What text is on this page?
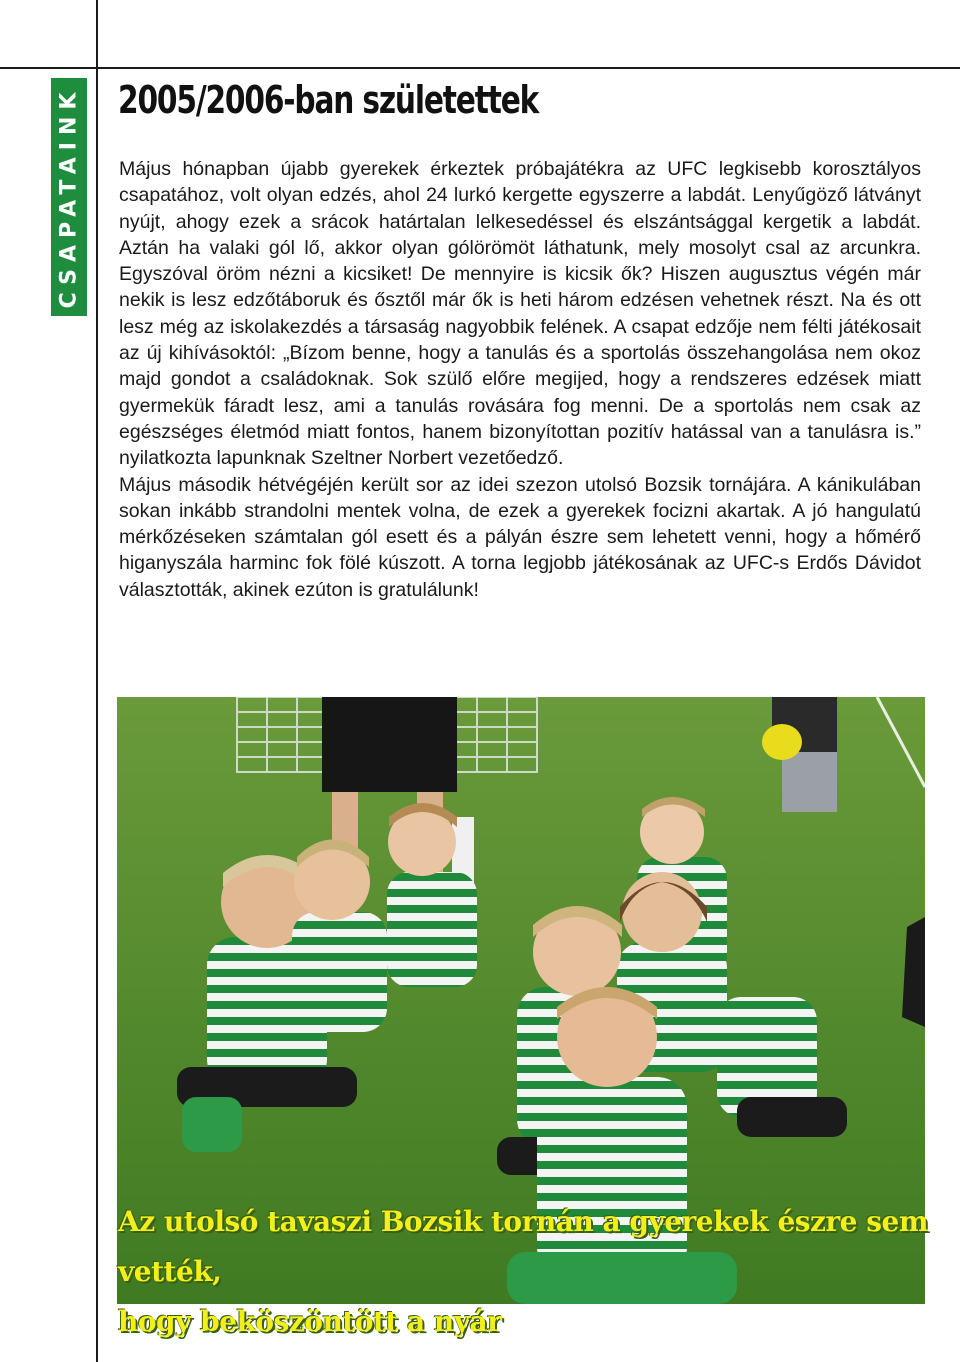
CSAPATAINK 2005/2006-ban születettek

Május hónapban újabb gyerekek érkeztek próbajátékra az UFC legkisebb korosztályos csapatához, volt olyan edzés, ahol 24 lurkó kergette egyszerre a labdát. Lenyűgöző látványt nyújt, ahogy ezek a srácok határtalan lelkesedéssel és elszántsággal kergetik a labdát. Aztán ha valaki gól lő, akkor olyan gólörömöt láthatunk, mely mosolyt csal az arcunkra. Egyszóval öröm nézni a kicsiket! De mennyire is kicsik ők? Hiszen augusztus végén már nekik is lesz edzőtáboruk és ősztől már ők is heti három edzésen vehetnek részt. Na és ott lesz még az iskolakezdés a társaság nagyobbik felének. A csapat edzője nem félti játékosait az új kihívásoktól: „Bízom benne, hogy a tanulás és a sportolás összehangolása nem okoz majd gondot a családoknak. Sok szülő előre megijed, hogy a rendszeres edzések miatt gyermekük fáradt lesz, ami a tanulás rovására fog menni. De a sportolás nem csak az egészséges életmód miatt fontos, hanem bizonyítottan pozitív hatással van a tanulásra is.” nyilatkozta lapunknak Szeltner Norbert vezetőedző.

Május második hétvégéjén került sor az idei szezon utolsó Bozsik tornájára. A kánikulában sokan inkább strandolni mentek volna, de ezek a gyerekek focizni akartak. A jó hangulatú mérkőzéseken számtalan gól esett és a pályán észre sem lehetett venni, hogy a hőmérő higanyszála harminc fok fölé kúszott. A torna legjobb játékosának az UFC-s Erdős Dávidot választották, akinek ezúton is gratulálunk!

Az utolsó tavaszi Bozsik tornán a gyerekek észre sem vették,
hogy beköszöntött a nyár
